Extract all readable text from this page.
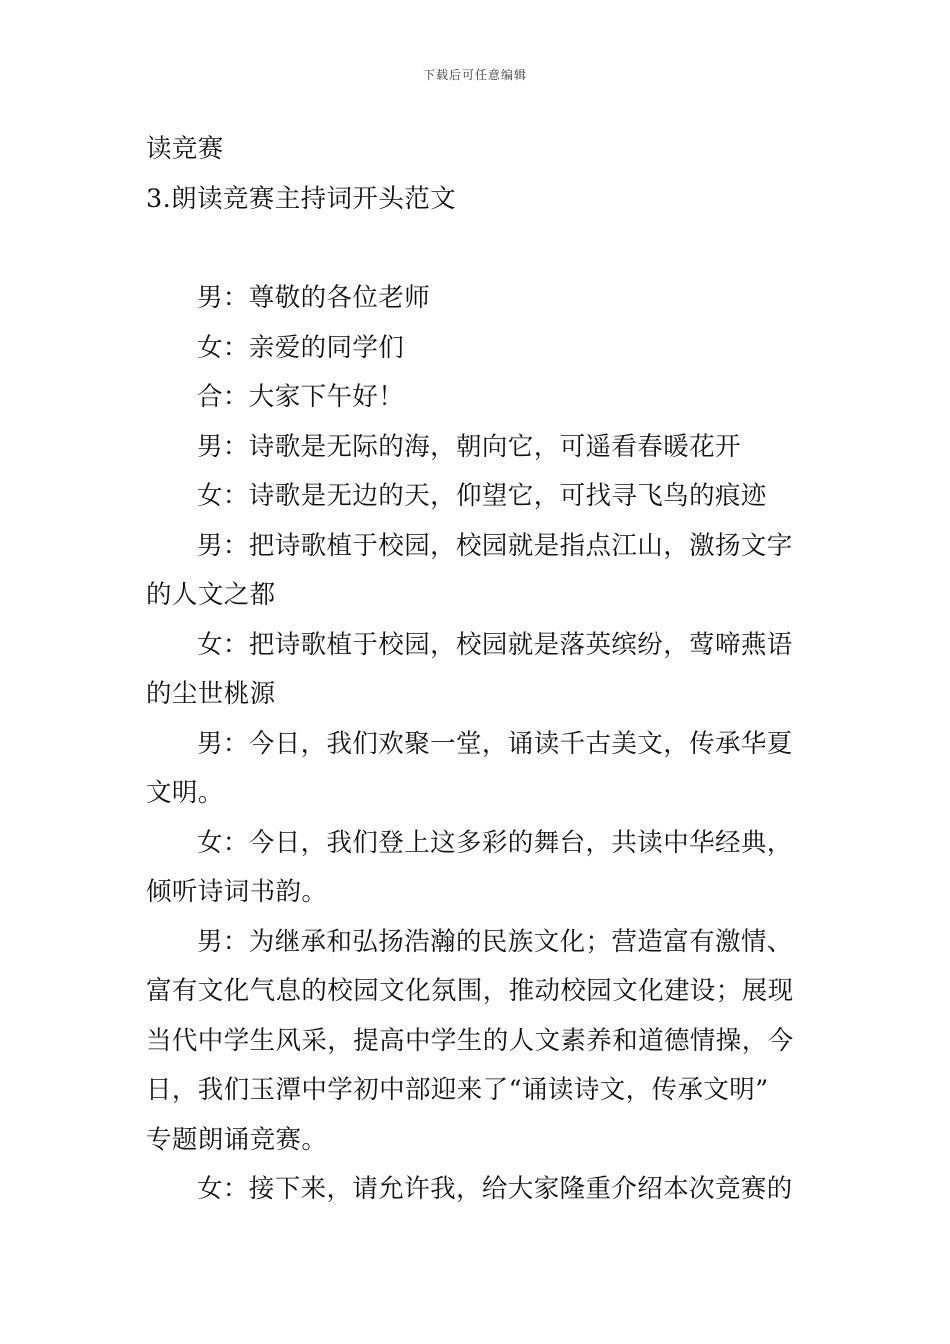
下载后可任意编辑
读竞赛
3.朗读竞赛主持词开头范文
男：尊敬的各位老师
女：亲爱的同学们
合：大家下午好！
男：诗歌是无际的海，朝向它，可遥看春暖花开
女：诗歌是无边的天，仰望它，可找寻飞鸟的痕迹
男：把诗歌植于校园，校园就是指点江山，激扬文字
的人文之都
女：把诗歌植于校园，校园就是落英缤纷，莺啼燕语
的尘世桃源
男：今日，我们欢聚一堂，诵读千古美文，传承华夏
文明。
女：今日，我们登上这多彩的舞台，共读中华经典，
倾听诗词书韵。
男：为继承和弘扬浩瀚的民族文化；营造富有激情、
富有文化气息的校园文化氛围，推动校园文化建设；展现
当代中学生风采，提高中学生的人文素养和道德情操，今
日，我们玉潭中学初中部迎来了“诵读诗文，传承文明”
专题朗诵竞赛。
女：接下来，请允许我，给大家隆重介绍本次竞赛的
